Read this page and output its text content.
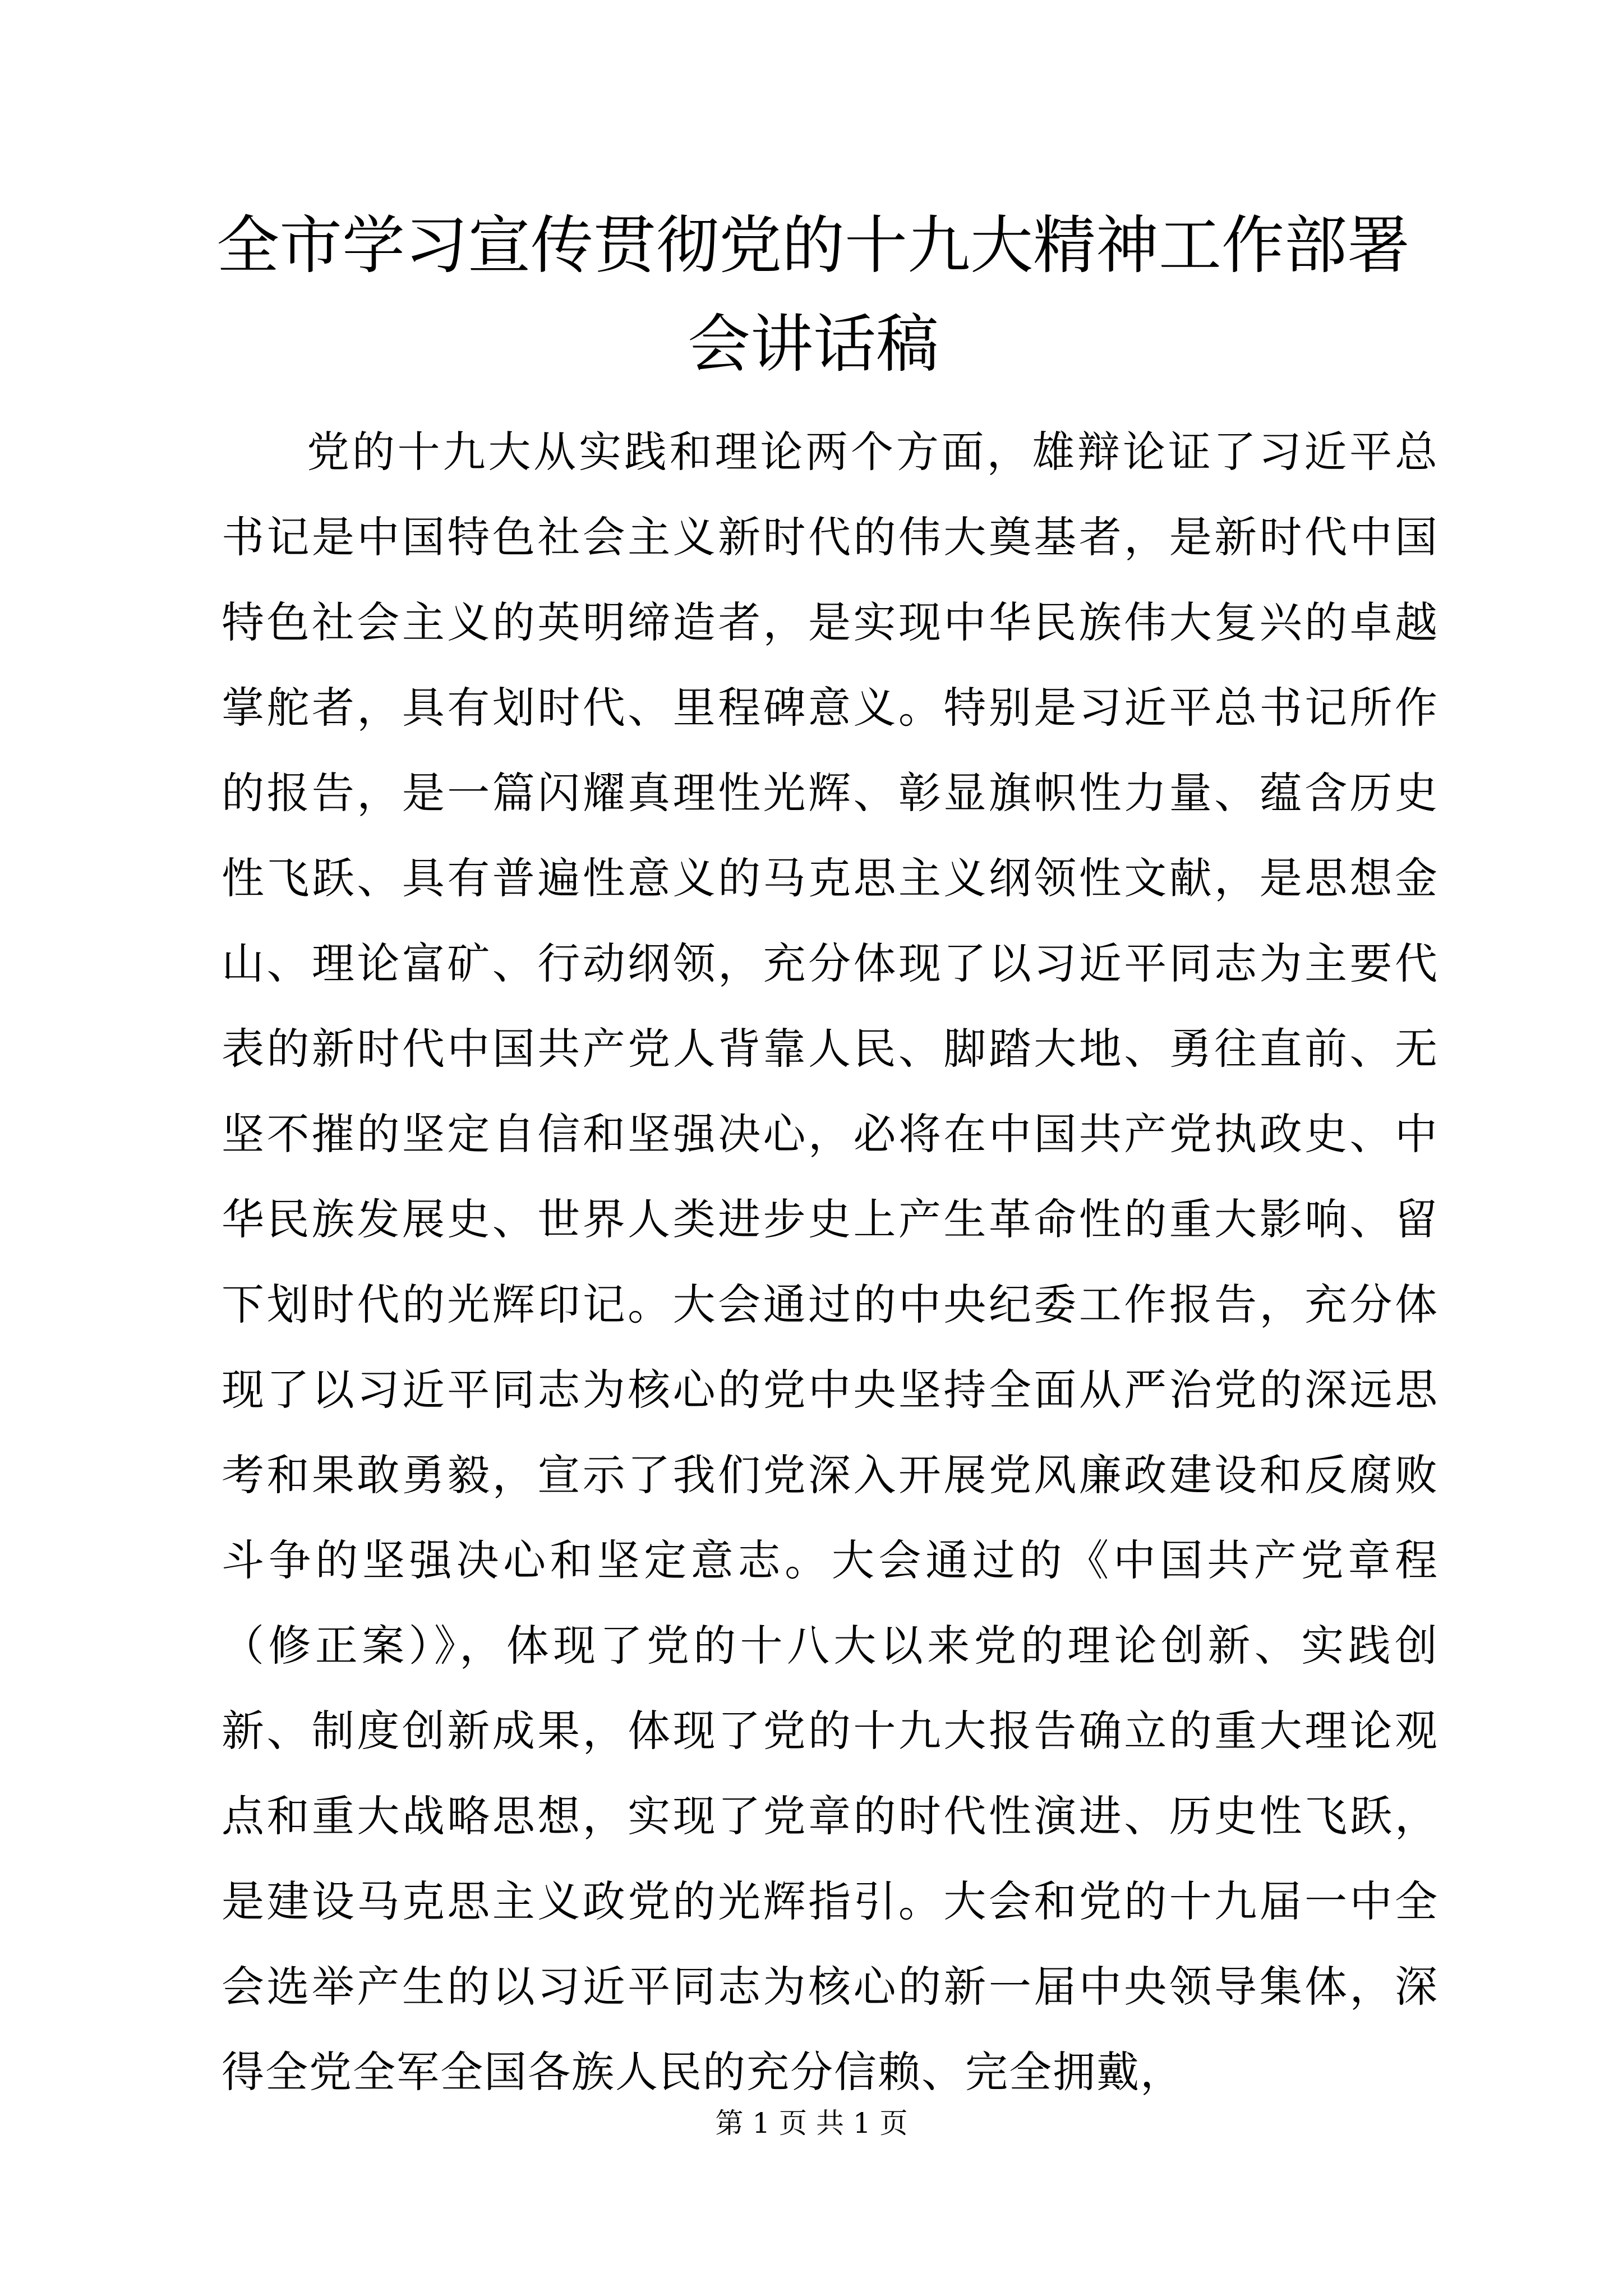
全市学习宣传贯彻党的十九大精神工作部署会讲话稿

党的十九大从实践和理论两个方面，雄辩论证了习近平总书记是中国特色社会主义新时代的伟大奠基者，是新时代中国特色社会主义的英明缔造者，是实现中华民族伟大复兴的卓越掌舵者，具有划时代、里程碑意义。特别是习近平总书记所作的报告，是一篇闪耀真理性光辉、彰显旗帜性力量、蕴含历史性飞跃、具有普遍性意义的马克思主义纲领性文献，是思想金山、理论富矿、行动纲领，充分体现了以习近平同志为主要代表的新时代中国共产党人背靠人民、脚踏大地、勇往直前、无坚不摧的坚定自信和坚强决心，必将在中国共产党执政史、中华民族发展史、世界人类进步史上产生革命性的重大影响、留下划时代的光辉印记。大会通过的中央纪委工作报告，充分体现了以习近平同志为核心的党中央坚持全面从严治党的深远思考和果敢勇毅，宣示了我们党深入开展党风廉政建设和反腐败斗争的坚强决心和坚定意志。大会通过的《中国共产党章程（修正案）》，体现了党的十八大以来党的理论创新、实践创新、制度创新成果，体现了党的十九大报告确立的重大理论观点和重大战略思想，实现了党章的时代性演进、历史性飞跃，是建设马克思主义政党的光辉指引。大会和党的十九届一中全会选举产生的以习近平同志为核心的新一届中央领导集体，深得全党全军全国各族人民的充分信赖、完全拥戴，

第 1 页 共 1 页
